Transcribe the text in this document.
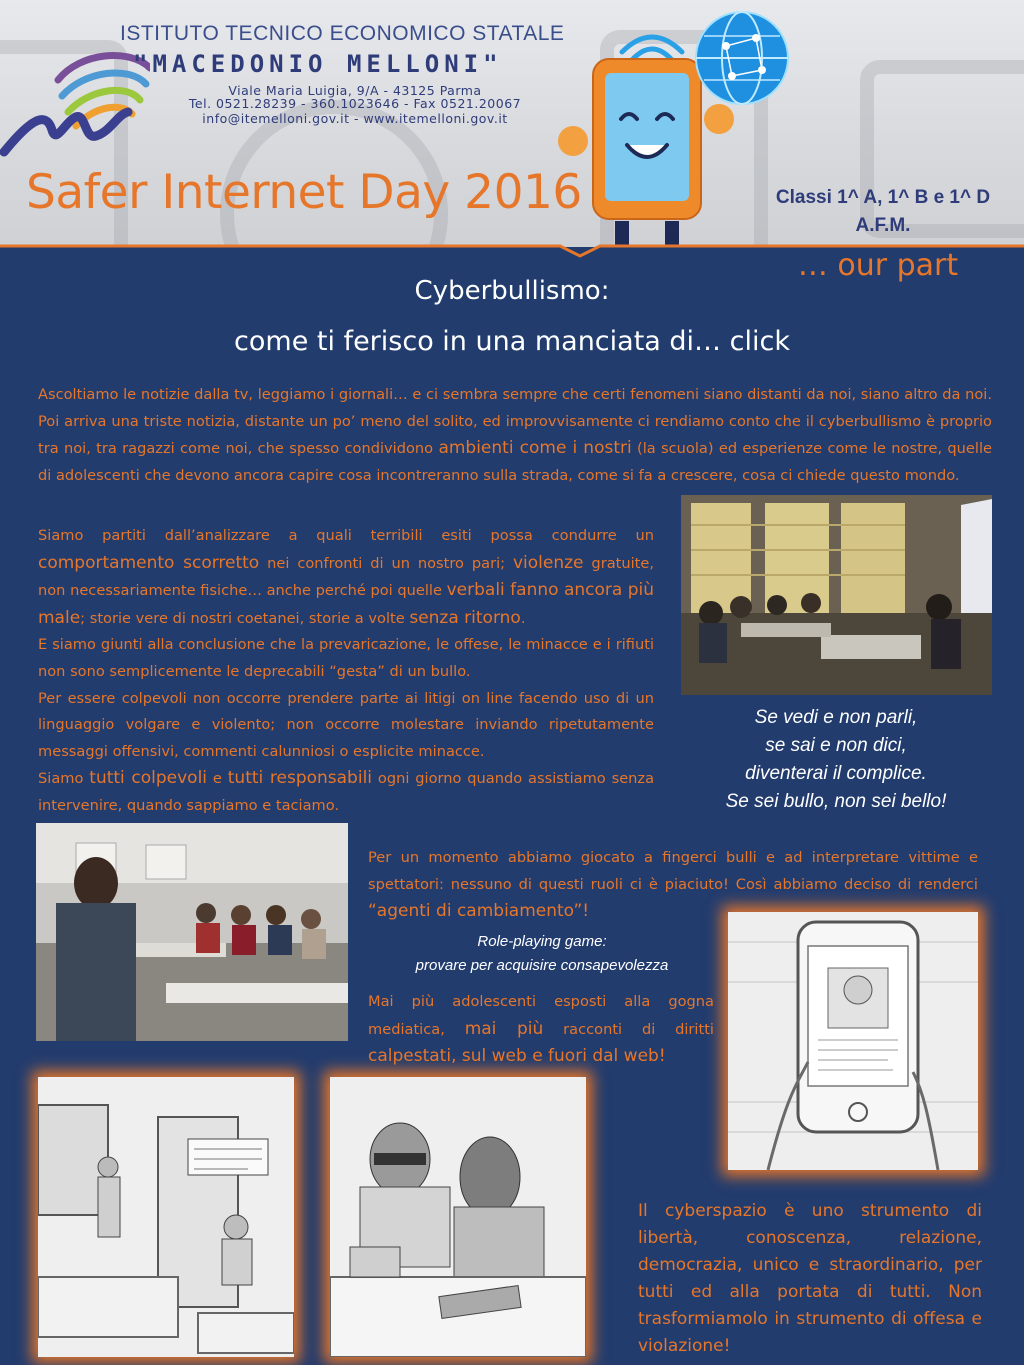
ISTITUTO TECNICO ECONOMICO STATALE
"MACEDONIO MELLONI"
Viale Maria Luigia, 9/A - 43125 Parma
Tel. 0521.28239 - 360.1023646 - Fax 0521.20067
info@itemelloni.gov.it - www.itemelloni.gov.it
Safer Internet Day 2016	Classi 1^ A, 1^ B e 1^ D
A.F.M.
… our part
Cyberbullismo:
come ti ferisco in una manciata di… click
Ascoltiamo le notizie dalla tv, leggiamo i giornali… e ci sembra sempre che certi fenomeni siano distanti da noi, siano altro da noi. Poi arriva una triste notizia, distante un po’ meno del solito, ed improvvisamente ci rendiamo conto che il cyberbullismo è proprio tra noi, tra ragazzi come noi, che spesso condividono ambienti come i nostri (la scuola) ed esperienze come le nostre, quelle di adolescenti che devono ancora capire cosa incontreranno sulla strada, come si fa a crescere, cosa ci chiede questo mondo.

Siamo partiti dall’analizzare a quali terribili esiti possa condurre un comportamento scorretto nei confronti di un nostro pari; violenze gratuite, non necessariamente fisiche… anche perché poi quelle verbali fanno ancora più male; storie vere di nostri coetanei, storie a volte senza ritorno.

E siamo giunti alla conclusione che la prevaricazione, le offese, le minacce e i rifiuti non sono semplicemente le deprecabili “gesta” di un bullo.

Per essere colpevoli non occorre prendere parte ai litigi on line facendo uso di un linguaggio volgare e violento; non occorre molestare inviando ripetutamente messaggi offensivi, commenti calunniosi o esplicite minacce.

Siamo tutti colpevoli e tutti responsabili ogni giorno quando assistiamo senza intervenire, quando sappiamo e taciamo.

Se vedi e non parli,
se sai e non dici,
diventerai il complice.
Se sei bullo, non sei bello!
Per un momento abbiamo giocato a fingerci bulli e ad interpretare vittime e spettatori: nessuno di questi ruoli ci è piaciuto! Così abbiamo deciso di renderci “agenti di cambiamento”!
Role-playing game:
provare per acquisire consapevolezza
Mai più adolescenti esposti alla gogna mediatica, mai più racconti di diritti calpestati, sul web e fuori dal web!
Il cyberspazio è uno strumento di libertà, conoscenza, relazione, democrazia, unico e straordinario, per tutti ed alla portata di tutti. Non trasformiamolo in strumento di offesa e violazione!
